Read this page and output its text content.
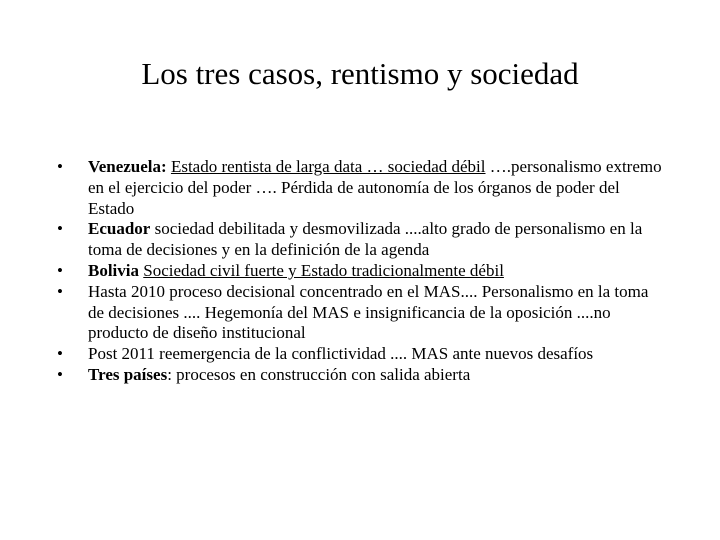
Los tres casos, rentismo y sociedad
•	Venezuela: Estado rentista de larga data … sociedad débil ….personalismo extremo en el ejercicio del poder …. Pérdida de autonomía de los órganos de poder del Estado
•	Ecuador sociedad debilitada y desmovilizada ....alto grado de personalismo en la toma de decisiones y en la definición de la agenda
•	Bolivia Sociedad civil fuerte y Estado tradicionalmente débil
•	Hasta 2010 proceso decisional concentrado en el MAS.... Personalismo en la toma de decisiones .... Hegemonía del MAS e insignificancia de la oposición ....no producto de diseño institucional
•	Post 2011 reemergencia de la conflictividad .... MAS ante nuevos desafíos
•	Tres países: procesos en construcción con salida abierta
